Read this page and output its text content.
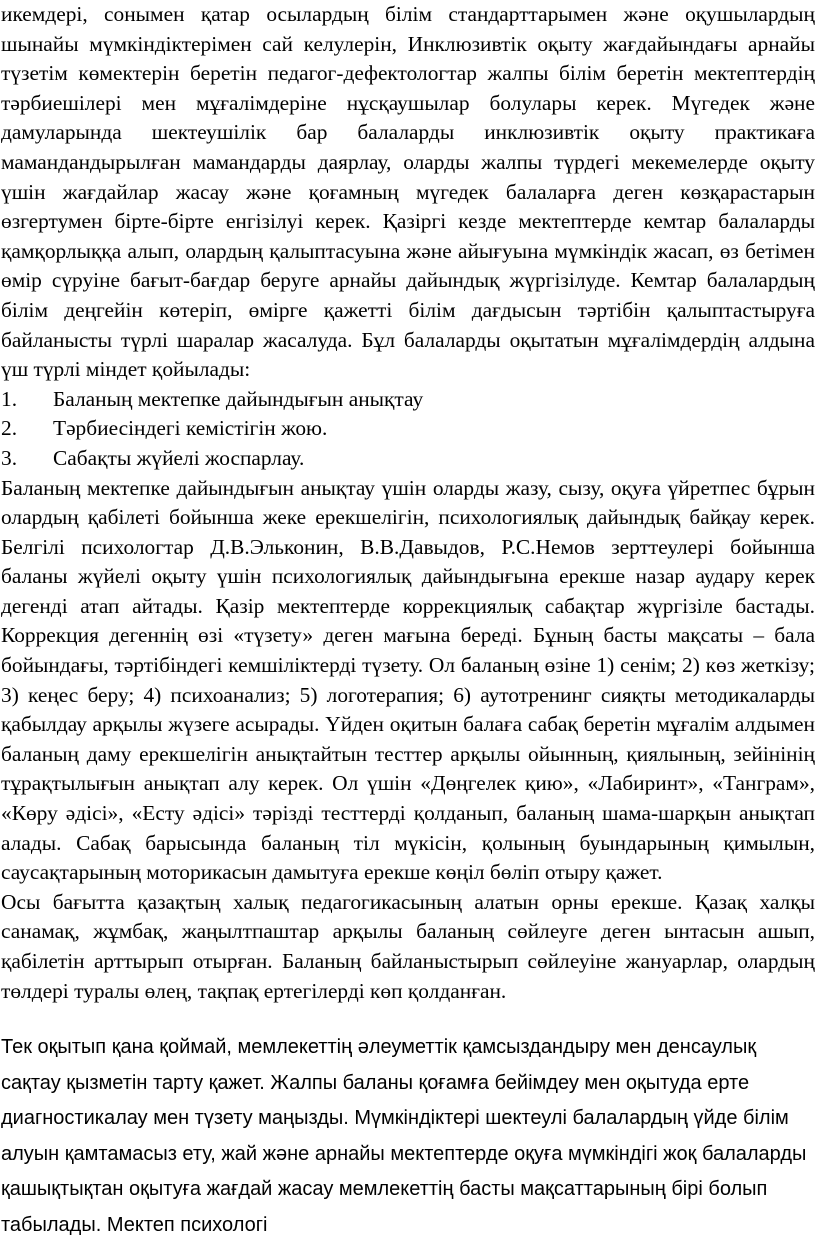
икемдері, сонымен қатар осылардың білім стандарттарымен және оқушылардың шынайы мүмкіндіктерімен сай келулерін, Инклюзивтік оқыту жағдайындағы арнайы түзетім көмектерін беретін педагог-дефектологтар жалпы білім беретін мектептердің тәрбиешілері мен мұғалімдеріне нұсқаушылар болулары керек. Мүгедек және дамуларында шектеушілік бар балаларды инклюзивтік оқыту практикаға мамандандырылған мамандарды даярлау, оларды жалпы түрдегі мекемелерде оқыту үшін жағдайлар жасау және қоғамның мүгедек балаларға деген көзқарастарын өзгертумен бірте-бірте енгізілуі керек. Қазіргі кезде мектептерде кемтар балаларды қамқорлыққа алып, олардың қалыптасуына және айығуына мүмкіндік жасап, өз бетімен өмір сүруіне бағыт-бағдар беруге арнайы дайындық жүргізілуде. Кемтар балалардың білім деңгейін көтеріп, өмірге қажетті білім дағдысын тәртібін қалыптастыруға байланысты түрлі шаралар жасалуда. Бұл балаларды оқытатын мұғалімдердің алдына үш түрлі міндет қойылады:

1.	Баланың мектепке дайындығын анықтау
2.	Тәрбиесіндегі кемістігін жою.
3.	Сабақты жүйелі жоспарлау.

Баланың мектепке дайындығын анықтау үшін оларды жазу, сызу, оқуға үйретпес бұрын олардың қабілеті бойынша жеке ерекшелігін, психологиялық дайындық байқау керек. Белгілі психологтар Д.В.Эльконин, В.В.Давыдов, Р.С.Немов зерттеулері бойынша баланы жүйелі оқыту үшін психологиялық дайындығына ерекше назар аудару керек дегенді атап айтады. Қазір мектептерде коррекциялық сабақтар жүргізіле бастады. Коррекция дегеннің өзі «түзету» деген мағына береді. Бұның басты мақсаты – бала бойындағы, тәртібіндегі кемшіліктерді түзету. Ол баланың өзіне 1) сенім; 2) көз жеткізу; 3) кеңес беру; 4) психоанализ; 5) логотерапия; 6) аутотренинг сияқты методикаларды қабылдау арқылы жүзеге асырады. Үйден оқитын балаға сабақ беретін мұғалім алдымен баланың даму ерекшелігін анықтайтын тесттер арқылы ойынның, қиялының, зейінінің тұрақтылығын анықтап алу керек. Ол үшін «Дөңгелек қию», «Лабиринт», «Танграм», «Көру әдісі», «Есту әдісі» тәрізді тесттерді қолданып, баланың шама-шарқын анықтап алады. Сабақ барысында баланың тіл мүкісін, қолының буындарының қимылын, саусақтарының моторикасын дамытуға ерекше көңіл бөліп отыру қажет.

Осы бағытта қазақтың халық педагогикасының алатын орны ерекше. Қазақ халқы санамақ, жұмбақ, жаңылтпаштар арқылы баланың сөйлеуге деген ынтасын ашып, қабілетін арттырып отырған. Баланың байланыстырып сөйлеуіне жануарлар, олардың төлдері туралы өлең, тақпақ ертегілерді көп қолданған.

Тек оқытып қана қоймай, мемлекеттің әлеуметтік қамсыздандыру мен денсаулық сақтау қызметін тарту қажет. Жалпы баланы қоғамға бейімдеу мен оқытуда ерте диагностикалау мен түзету маңызды. Мүмкіндіктері шектеулі балалардың үйде білім алуын қамтамасыз ету, жай және арнайы мектептерде оқуға мүмкіндігі жоқ балаларды қашықтықтан оқытуға жағдай жасау мемлекеттің басты мақсаттарының бірі болып табылады. Мектеп психологі
